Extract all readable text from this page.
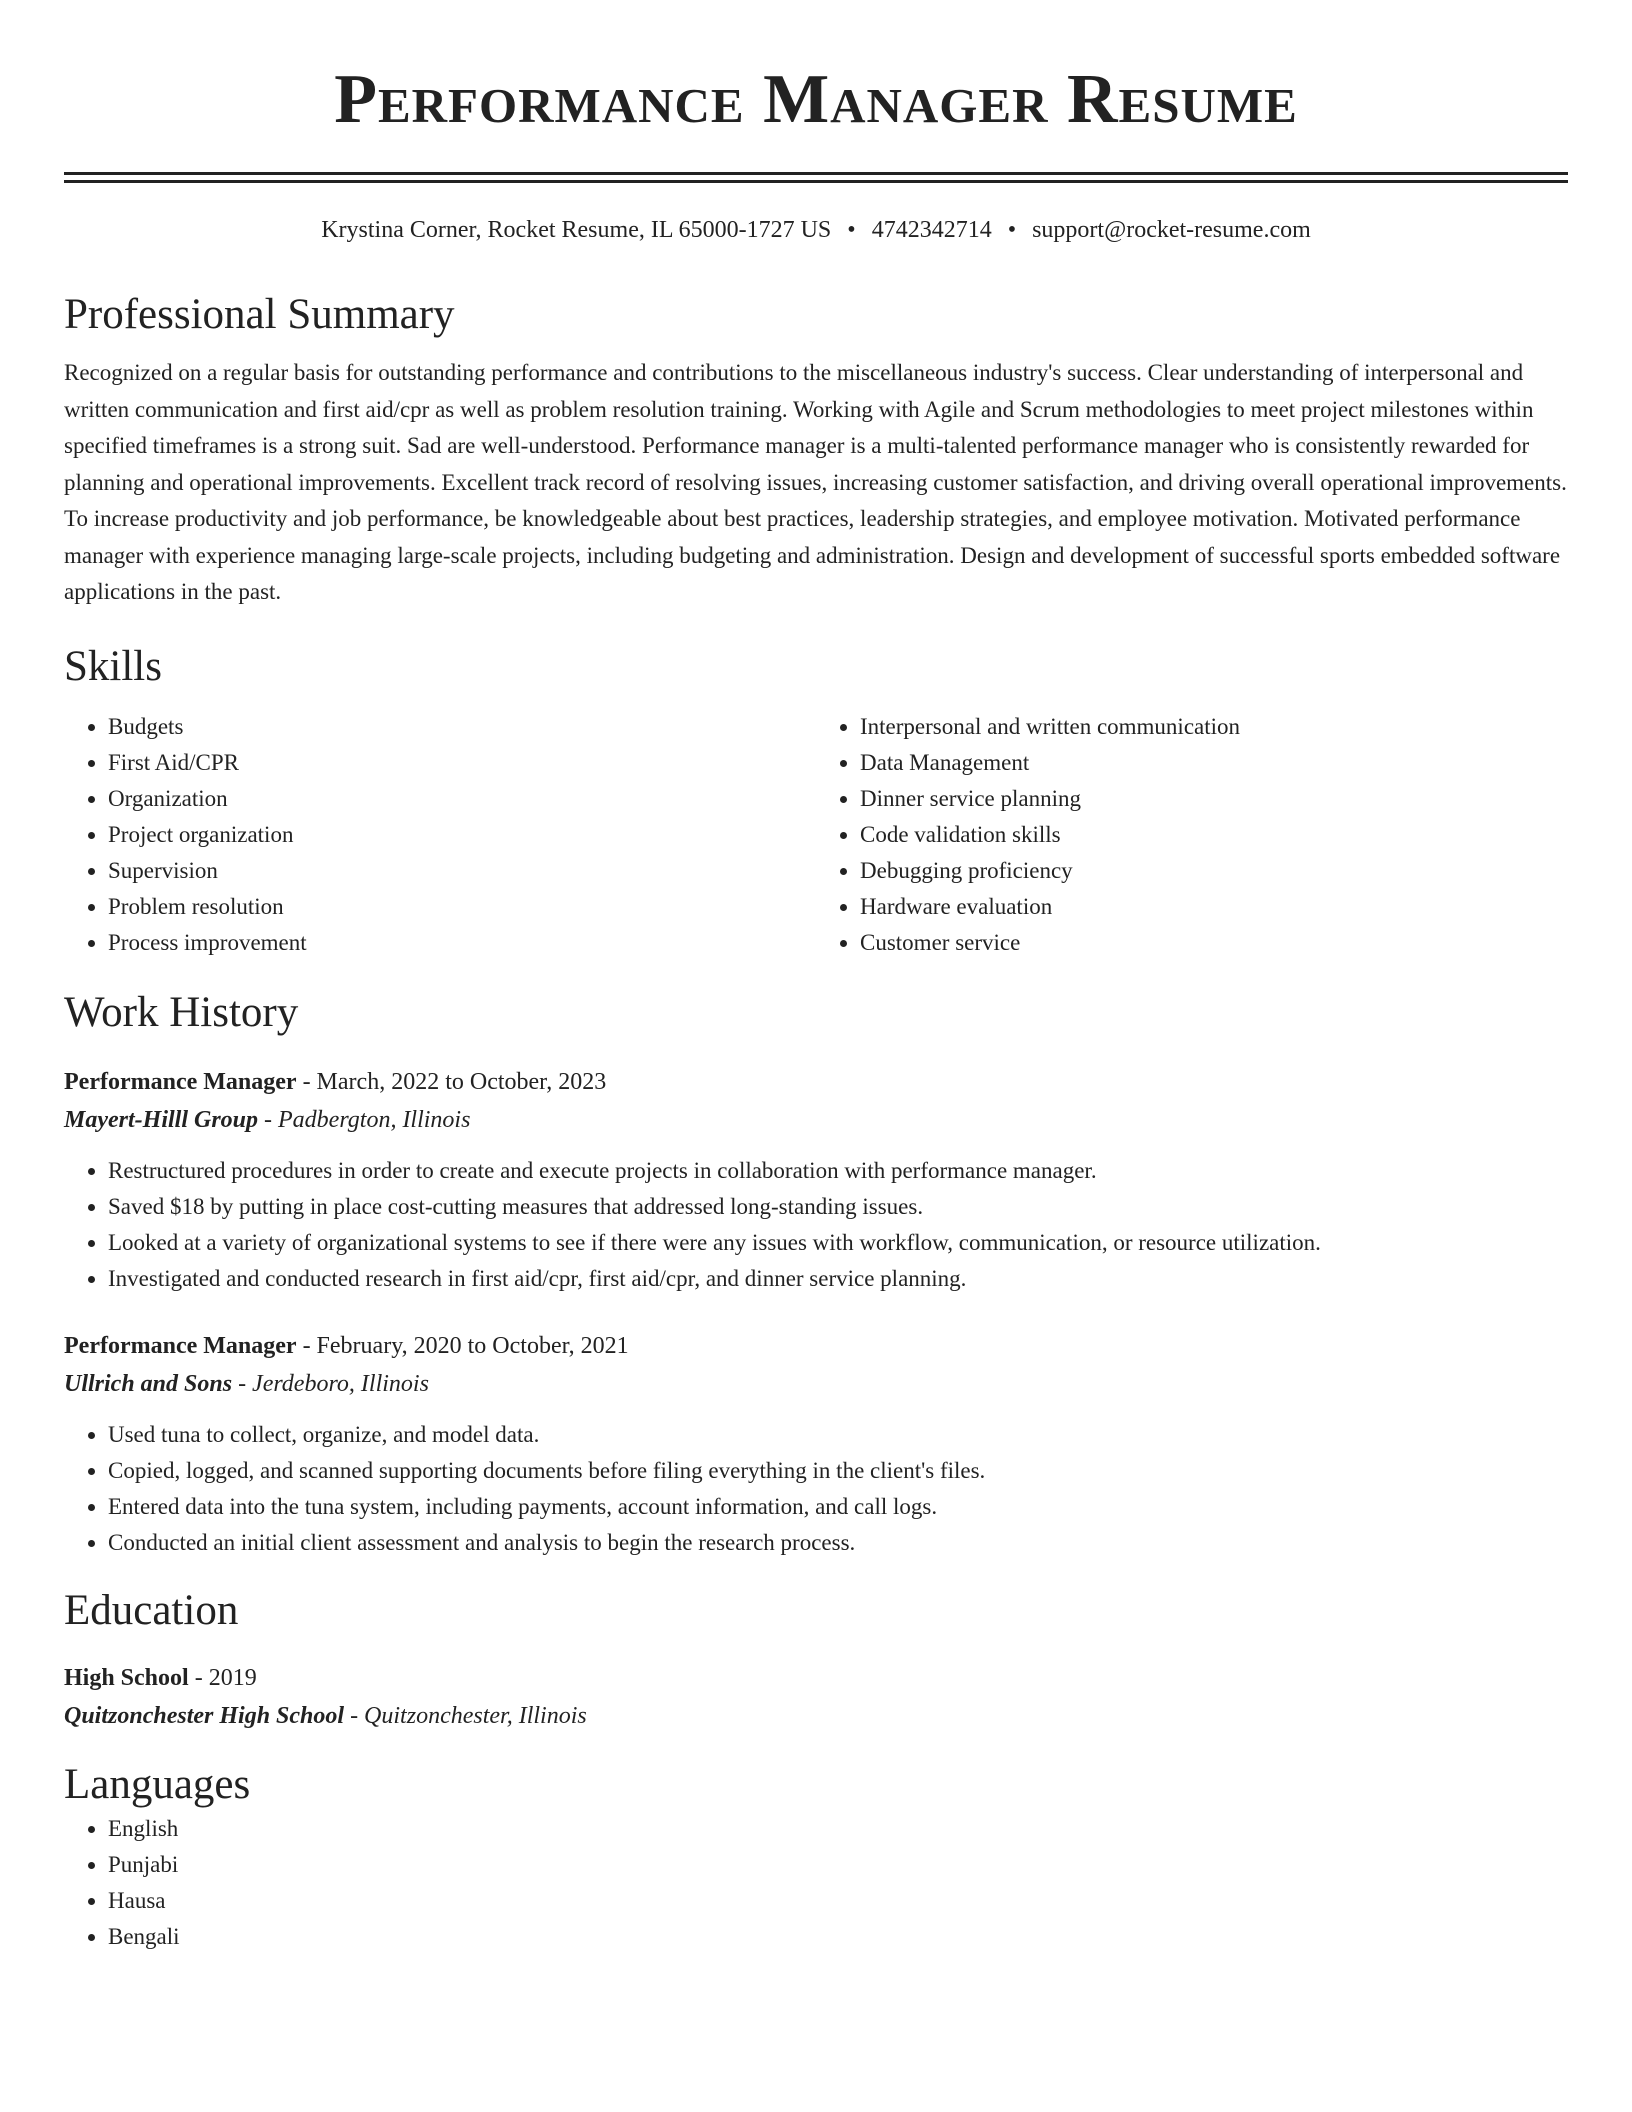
Performance Manager Resume
Krystina Corner, Rocket Resume, IL 65000-1727 US • 4742342714 • support@rocket-resume.com
Professional Summary

Recognized on a regular basis for outstanding performance and contributions to the miscellaneous industry's success. Clear understanding of interpersonal and written communication and first aid/cpr as well as problem resolution training. Working with Agile and Scrum methodologies to meet project milestones within specified timeframes is a strong suit. Sad are well-understood. Performance manager is a multi-talented performance manager who is consistently rewarded for planning and operational improvements. Excellent track record of resolving issues, increasing customer satisfaction, and driving overall operational improvements. To increase productivity and job performance, be knowledgeable about best practices, leadership strategies, and employee motivation. Motivated performance manager with experience managing large-scale projects, including budgeting and administration. Design and development of successful sports embedded software applications in the past.

Skills
• Budgets
• First Aid/CPR
• Organization
• Project organization
• Supervision
• Problem resolution
• Process improvement
• Interpersonal and written communication
• Data Management
• Dinner service planning
• Code validation skills
• Debugging proficiency
• Hardware evaluation
• Customer service
Work History
Performance Manager - March, 2022 to October, 2023
Mayert-Hilll Group - Padbergton, Illinois
• Restructured procedures in order to create and execute projects in collaboration with performance manager.
• Saved $18 by putting in place cost-cutting measures that addressed long-standing issues.
• Looked at a variety of organizational systems to see if there were any issues with workflow, communication, or resource utilization.
• Investigated and conducted research in first aid/cpr, first aid/cpr, and dinner service planning.
Performance Manager - February, 2020 to October, 2021
Ullrich and Sons - Jerdeboro, Illinois
• Used tuna to collect, organize, and model data.
• Copied, logged, and scanned supporting documents before filing everything in the client's files.
• Entered data into the tuna system, including payments, account information, and call logs.
• Conducted an initial client assessment and analysis to begin the research process.
Education
High School - 2019
Quitzonchester High School - Quitzonchester, Illinois
Languages
• English
• Punjabi
• Hausa
• Bengali
